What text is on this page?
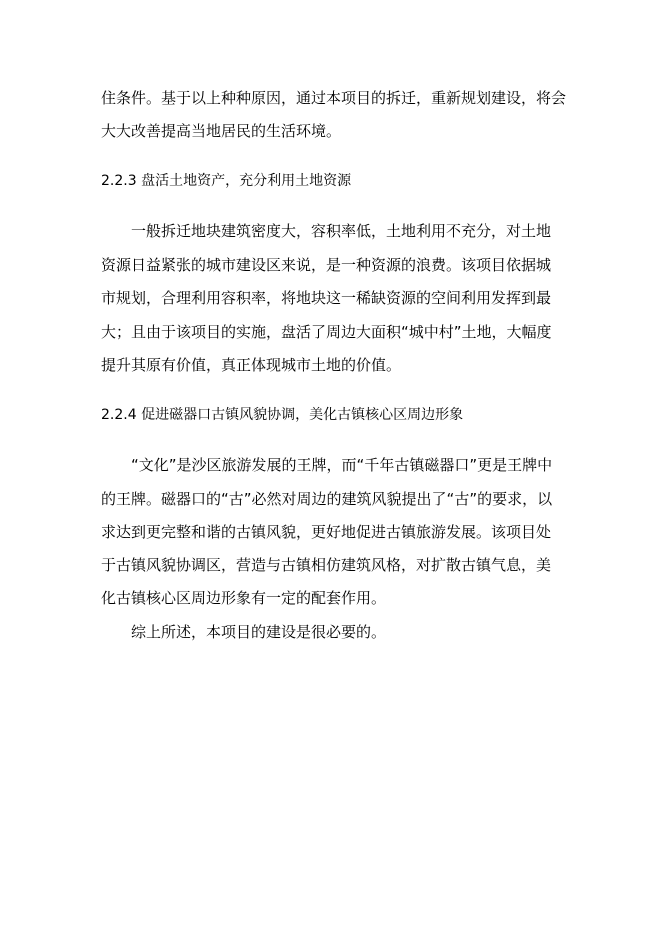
住条件。基于以上种种原因，通过本项目的拆迁，重新规划建设，将会
大大改善提高当地居民的生活环境。
2.2.3 盘活土地资产，充分利用土地资源
一般拆迁地块建筑密度大，容积率低，土地利用不充分，对土地
资源日益紧张的城市建设区来说，是一种资源的浪费。该项目依据城
市规划，合理利用容积率，将地块这一稀缺资源的空间利用发挥到最
大；且由于该项目的实施，盘活了周边大面积“城中村”土地，大幅度
提升其原有价值，真正体现城市土地的价值。
2.2.4 促进磁器口古镇风貌协调，美化古镇核心区周边形象
“文化”是沙区旅游发展的王牌，而“千年古镇磁器口”更是王牌中
的王牌。磁器口的“古”必然对周边的建筑风貌提出了“古”的要求，以
求达到更完整和谐的古镇风貌，更好地促进古镇旅游发展。该项目处
于古镇风貌协调区，营造与古镇相仿建筑风格，对扩散古镇气息，美
化古镇核心区周边形象有一定的配套作用。
综上所述，本项目的建设是很必要的。
